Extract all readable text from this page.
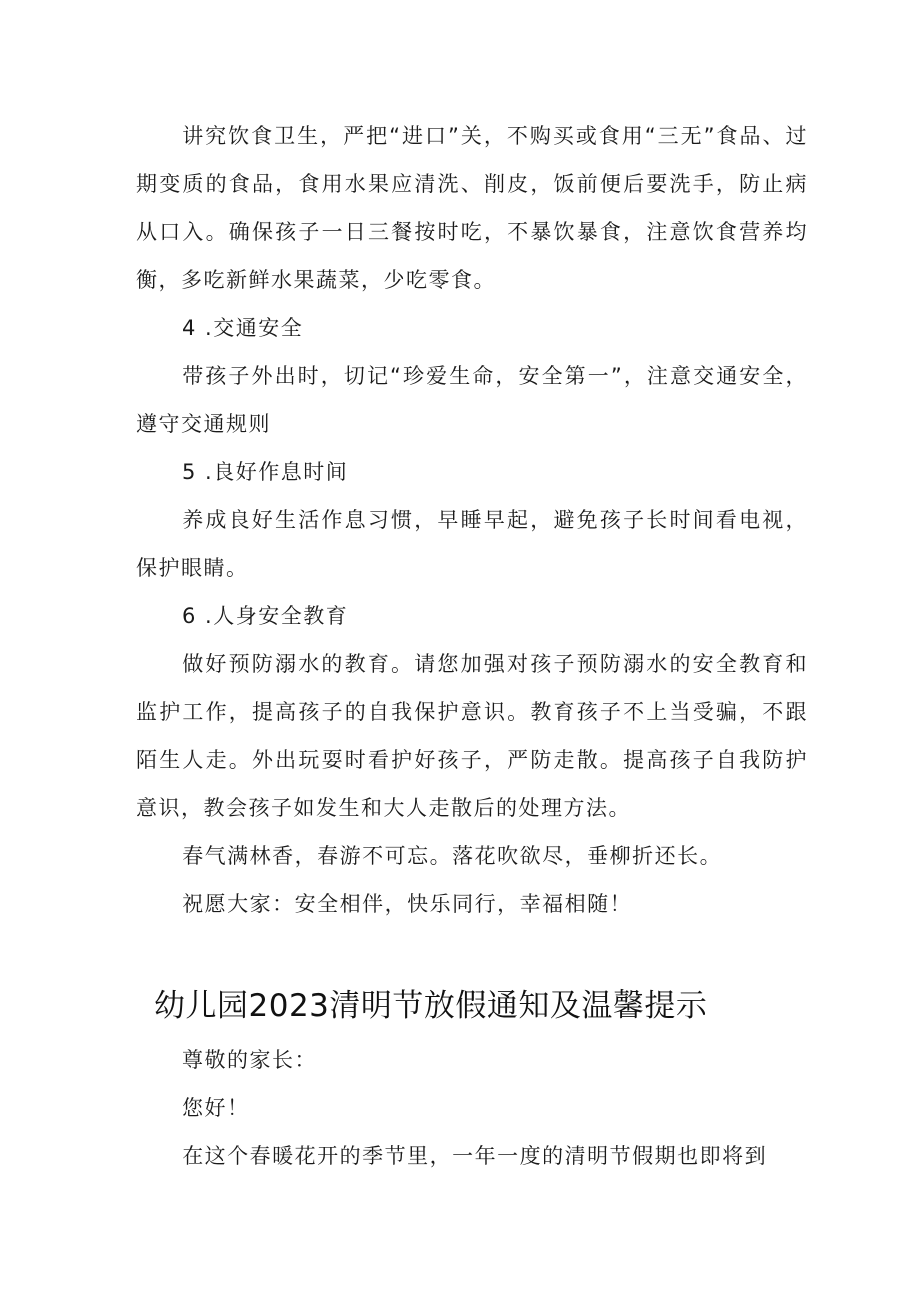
讲究饮食卫生，严把“进口”关，不购买或食用“三无”食品、过期变质的食品，食用水果应清洗、削皮，饭前便后要洗手，防止病从口入。确保孩子一日三餐按时吃，不暴饮暴食，注意饮食营养均衡，多吃新鲜水果蔬菜，少吃零食。

4 .交通安全

带孩子外出时，切记“珍爱生命，安全第一”，注意交通安全，遵守交通规则

5 .良好作息时间

养成良好生活作息习惯，早睡早起，避免孩子长时间看电视，保护眼睛。

6 .人身安全教育

做好预防溺水的教育。请您加强对孩子预防溺水的安全教育和监护工作，提高孩子的自我保护意识。教育孩子不上当受骗，不跟陌生人走。外出玩耍时看护好孩子，严防走散。提高孩子自我防护意识，教会孩子如发生和大人走散后的处理方法。

春气满林香，春游不可忘。落花吹欲尽，垂柳折还长。

祝愿大家：安全相伴，快乐同行，幸福相随！

幼儿园2023清明节放假通知及温馨提示

尊敬的家长：

您好！

在这个春暖花开的季节里，一年一度的清明节假期也即将到
